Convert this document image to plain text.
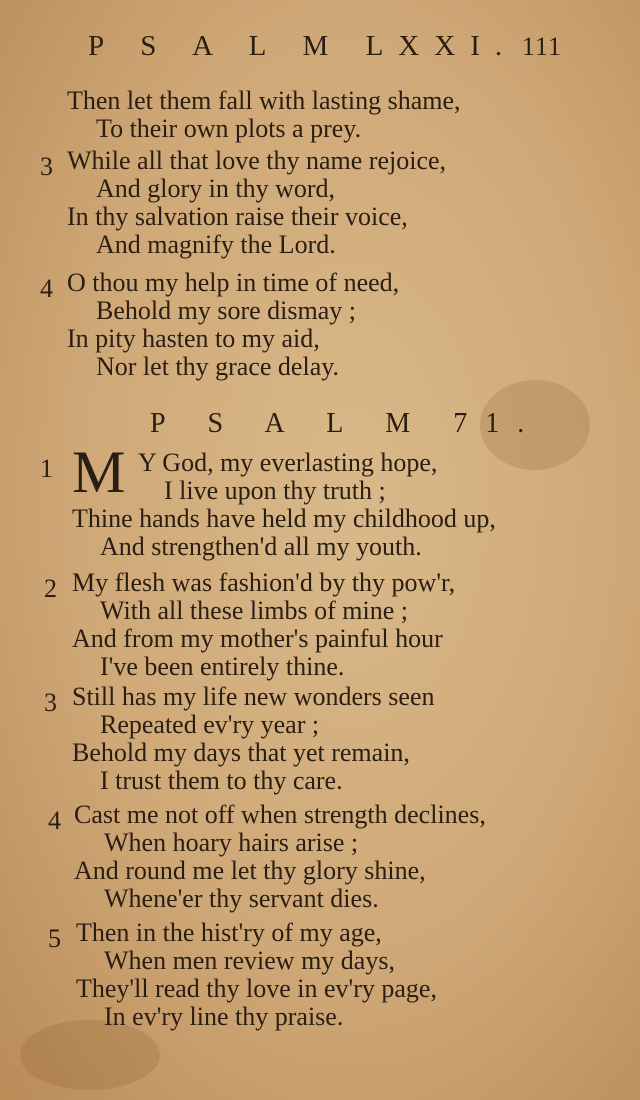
P S A L M LXXI. 111
Then let them fall with lasting shame,
To their own plots a prey.
3 While all that love thy name rejoice,
And glory in thy word,
In thy salvation raise their voice,
And magnify the Lord.
4 O thou my help in time of need,
Behold my sore dismay ;
In pity hasten to my aid,
Nor let thy grace delay.
P S A L M 71.
1 M Y God, my everlasting hope,
I live upon thy truth ;
Thine hands have held my childhood up,
And strengthen'd all my youth.
2 My flesh was fashion'd by thy pow'r,
With all these limbs of mine ;
And from my mother's painful hour
I've been entirely thine.
3 Still has my life new wonders seen
Repeated ev'ry year ;
Behold my days that yet remain,
I trust them to thy care.
4 Cast me not off when strength declines,
When hoary hairs arise ;
And round me let thy glory shine,
Whene'er thy servant dies.
5 Then in the hist'ry of my age,
When men review my days,
They'll read thy love in ev'ry page,
In ev'ry line thy praise.
